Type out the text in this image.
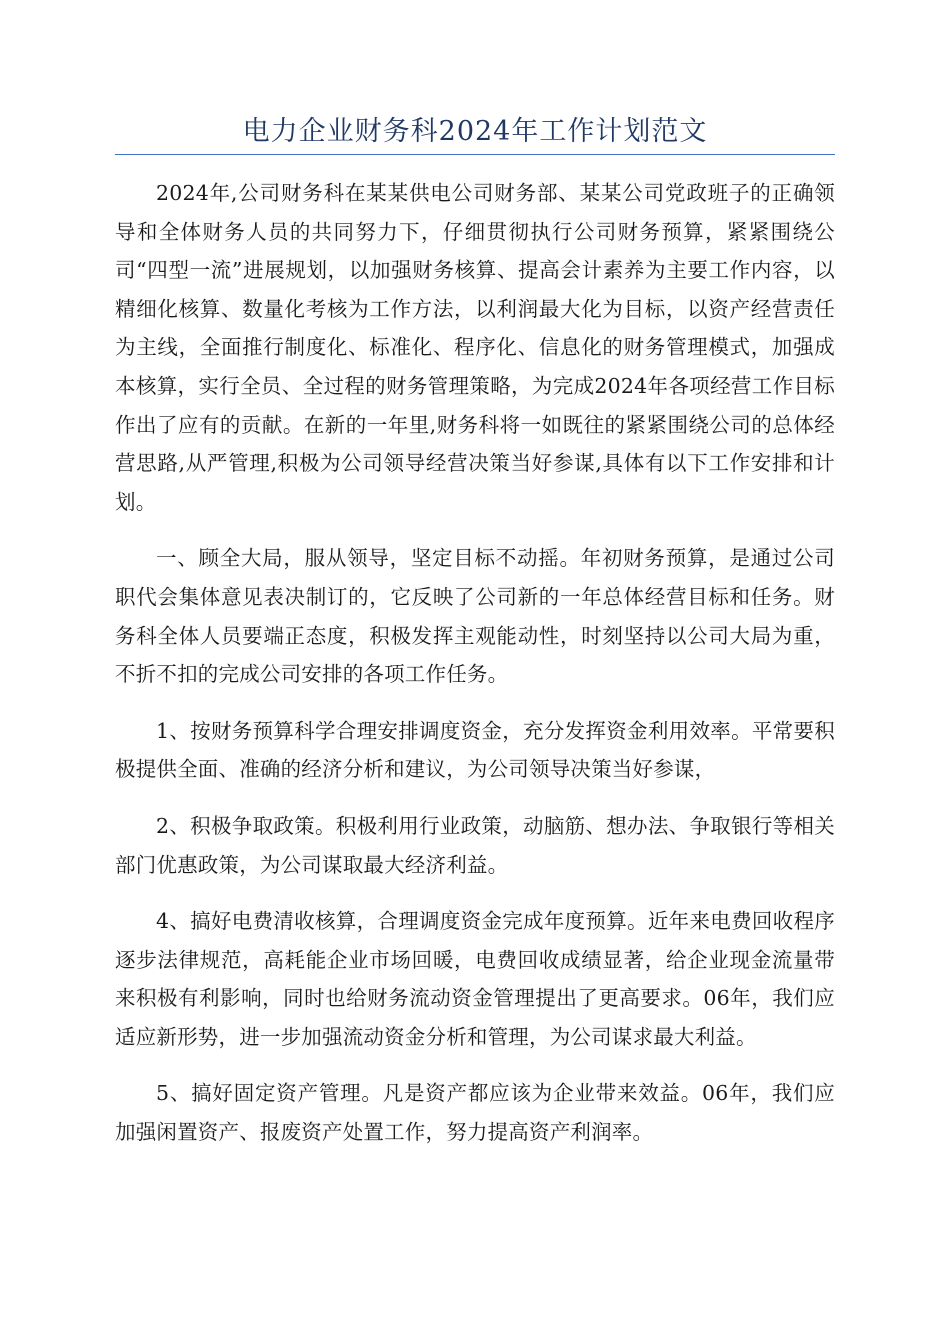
电力企业财务科2024年工作计划范文

2024年,公司财务科在某某供电公司财务部、某某公司党政班子的正确领导和全体财务人员的共同努力下，仔细贯彻执行公司财务预算，紧紧围绕公司“四型一流”进展规划，以加强财务核算、提高会计素养为主要工作内容，以精细化核算、数量化考核为工作方法，以利润最大化为目标，以资产经营责任为主线，全面推行制度化、标准化、程序化、信息化的财务管理模式，加强成本核算，实行全员、全过程的财务管理策略，为完成2024年各项经营工作目标作出了应有的贡献。在新的一年里,财务科将一如既往的紧紧围绕公司的总体经营思路,从严管理,积极为公司领导经营决策当好参谋,具体有以下工作安排和计划。

一、顾全大局，服从领导，坚定目标不动摇。年初财务预算，是通过公司职代会集体意见表决制订的，它反映了公司新的一年总体经营目标和任务。财务科全体人员要端正态度，积极发挥主观能动性，时刻坚持以公司大局为重，不折不扣的完成公司安排的各项工作任务。

1、按财务预算科学合理安排调度资金，充分发挥资金利用效率。平常要积极提供全面、准确的经济分析和建议，为公司领导决策当好参谋，

2、积极争取政策。积极利用行业政策，动脑筋、想办法、争取银行等相关部门优惠政策，为公司谋取最大经济利益。

4、搞好电费清收核算，合理调度资金完成年度预算。近年来电费回收程序逐步法律规范，高耗能企业市场回暖，电费回收成绩显著，给企业现金流量带来积极有利影响，同时也给财务流动资金管理提出了更高要求。06年，我们应适应新形势，进一步加强流动资金分析和管理，为公司谋求最大利益。

5、搞好固定资产管理。凡是资产都应该为企业带来效益。06年，我们应加强闲置资产、报废资产处置工作，努力提高资产利润率。
